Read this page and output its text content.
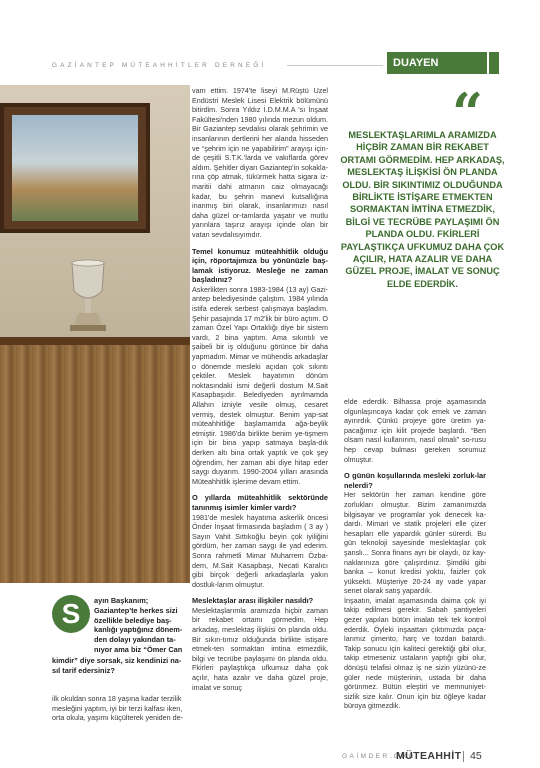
GAZİANTEP MÜTEAHHİTLER DERNEĞİ	DUAYEN

vam ettim. 1974'te liseyi M.Rüştü Uzel Endüstri Meslek Lisesi Elektrik bölümünü bitirdim. Sonra Yıldız İ.D.M.M.A 'sı İnşaat Fakültesi'nden 1980 yılında mezun oldum. Bir Gaziantep sevdalısı olarak şehrimin ve insanlarının dertlerini her alanda hisseden ve “şehrim için ne yapabilirim” arayışı için-de çeşitli S.T.K.'larda ve vakıflarda görev aldım. Şehitler diyarı Gaziantep'in sokakla-rına çöp atmak, tükürmek hatta sigara iz-maritii dahi atmanın caiz olmayacağı kadar, bu şehrin manevi kutsallığına inanmış biri olarak, insanlarımızı nasıl daha güzel or-tamlarda yaşatır ve mutlu yarınlara taşırız arayışı içinde olan bir vatan sevdalısıyımdır.

Temel konumuz müteahhitlik olduğu için, röportajımıza bu yönünüzle baş-lamak istiyoruz. Mesleğe ne zaman başladınız?

Askerlikten sonra 1983-1984 (13 ay) Gazi-antep belediyesinde çalıştım. 1984 yılında istifa ederek serbest çalışmaya başladım. Şehir pasajında 17 m2'lik bir büro açtım. O zaman Özel Yapı Ortaklığı diye bir sistem vardı, 2 bina yaptım. Ama sıkıntılı ve şaibeli bir iş olduğunu görünce bir daha yapmadım. Mimar ve mühendis arkadaşlar o dönemde mesleki açıdan çok sıkıntı çektiler. Meslek hayatımın dönüm noktasındaki ismi değerli dostum M.Sait Kasapbaşıdır. Belediyeden ayrılmamda Allahın izniyle vesile olmuş, cesaret vermiş, destek olmuştur. Benim yap-sat müteahhitliğe başlamamda ağa-beylik etmiştir. 1986'da birlikte benim ye-tişmem için bir bina yapıp satmaya başla-dık derken altı bina ortak yaptık ve çok şey öğrendim, her zaman abi diye hitap eder saygı duyarım. 1990-2004 yılları arasında Müteahhitlik işlerime devam ettim.

O yıllarda müteahhitlik sektöründe tanınmış isimler kimler vardı?

1981'de meslek hayatıma askerlik öncesi Önder İnşaat firmasında başladım ( 3 ay ) Sayın Vahit Sıttıkoğlu beyin çok iyiliğini gördüm, her zaman saygı ile yad ederim. Sonra rahmetli Mimar Muharrem Özba-dem, M.Sait Kasapbaşı, Necati Karalıcı gibi birçok değerli arkadaşlarla yakın dostluk-larım olmuştur.

Meslektaşlar arası ilişkiler nasıldı?

Meslektaşlarımla aramızda hiçbir zaman bir rekabet ortamı görmedim. Hep arkadaş, meslektaş ilişkisi ön planda oldu. Bir sıkın-tımız olduğunda birlikte istişare etmek-ten sormaktan imtina etmezdik, bilgi ve tecrübe paylaşımı ön planda oldu. Fkirleri paylaştıkça ufkumuz daha çok açılır, hata azalır ve daha güzel proje, imalat ve sonuç

“
MESLEKTAŞLARIMLA ARAMIZDA HİÇBİR ZAMAN BİR REKABET ORTAMI GÖRMEDİM. HEP ARKADAŞ, MESLEKTAŞ İLİŞKİSİ ÖN PLANDA OLDU. BİR SIKINTIMIZ OLDUĞUNDA BİRLİKTE İSTİŞARE ETMEKTEN SORMAKTAN İMTİNA ETMEZDİK, BİLGİ VE TECRÜBE PAYLAŞIMI ÖN PLANDA OLDU. FKİRLERİ PAYLAŞTIKÇA UFKUMUZ DAHA ÇOK AÇILIR, HATA AZALIR VE DAHA GÜZEL PROJE, İMALAT VE SONUÇ ELDE EDERDİK.

elde ederdik. Bilhassa proje aşamasında olgunlaşıncaya kadar çok emek ve zaman ayırırdık. Çünkü projeye göre üretim ya-pacağımız için kilit projede başlardı. “Ben olsam nasıl kullanırım, nasıl olmalı” so-rusu hep cevap bulması gereken sorumuz olmuştur.

O günün koşullarında mesleki zorluk-lar nelerdi?

Her sektörün her zaman kendine göre zorlukları olmuştur. Bizim zamanımızda bilgisayar ve programlar yok denecek ka-dardı. Mimari ve statik projeleri elle çizer hesapları elle yapardık günler sürerdi. Bu gün teknoloji sayesinde meslektaşlar çok şanslı... Sonra finans ayrı bir olaydı, öz kay-naklarınıza göre çalışırdınız. Şimdiki gibi banka – konut kredisi yoktu, faizler çok yüksekti. Müşteriye 20-24 ay vade yapar senet olarak satış yapardık.

İnşaatın, imalat aşamasında daima çok iyi takip edilmesi gerekir. Sabah şantiyeleri gezer yapılan bütün imalatı tek tek kontrol ederdik. Öyleki inşaattan çıktımızda paça-larımız çimento, harç ve tozdan batardı. Takip sonucu için kaliteci gerektiği gibi olur, takip etmeseniz ustaların yaptığı gibi olur, dönüşü telafisi olmaz iş ne sizin yüzünü-ze güler nede müşterinin, ustada bir daha görünmez. Bütün eleştiri ve memnuniyet-sizlik size kalır. Onun için biz öğleye kadar büroya gitmezdik.

S	ayın Başkanım; Gaziantep'te herkes sizi özellikle belediye baş-kanlığı yaptığınız dönem-den dolayı yakından ta-nıyor ama biz “Ömer Can
kimdir” diye sorsak, siz kendinizi na-sıl tarif edersiniz?
ilk okuldan sonra 18 yaşına kadar terzilik mesleğini yaptım, iyi bir terzi kalfası iken, orta okula, yaşımı küçülterek yeniden de-
GAİMDER.ORG
MÜTEAHHİT 45
